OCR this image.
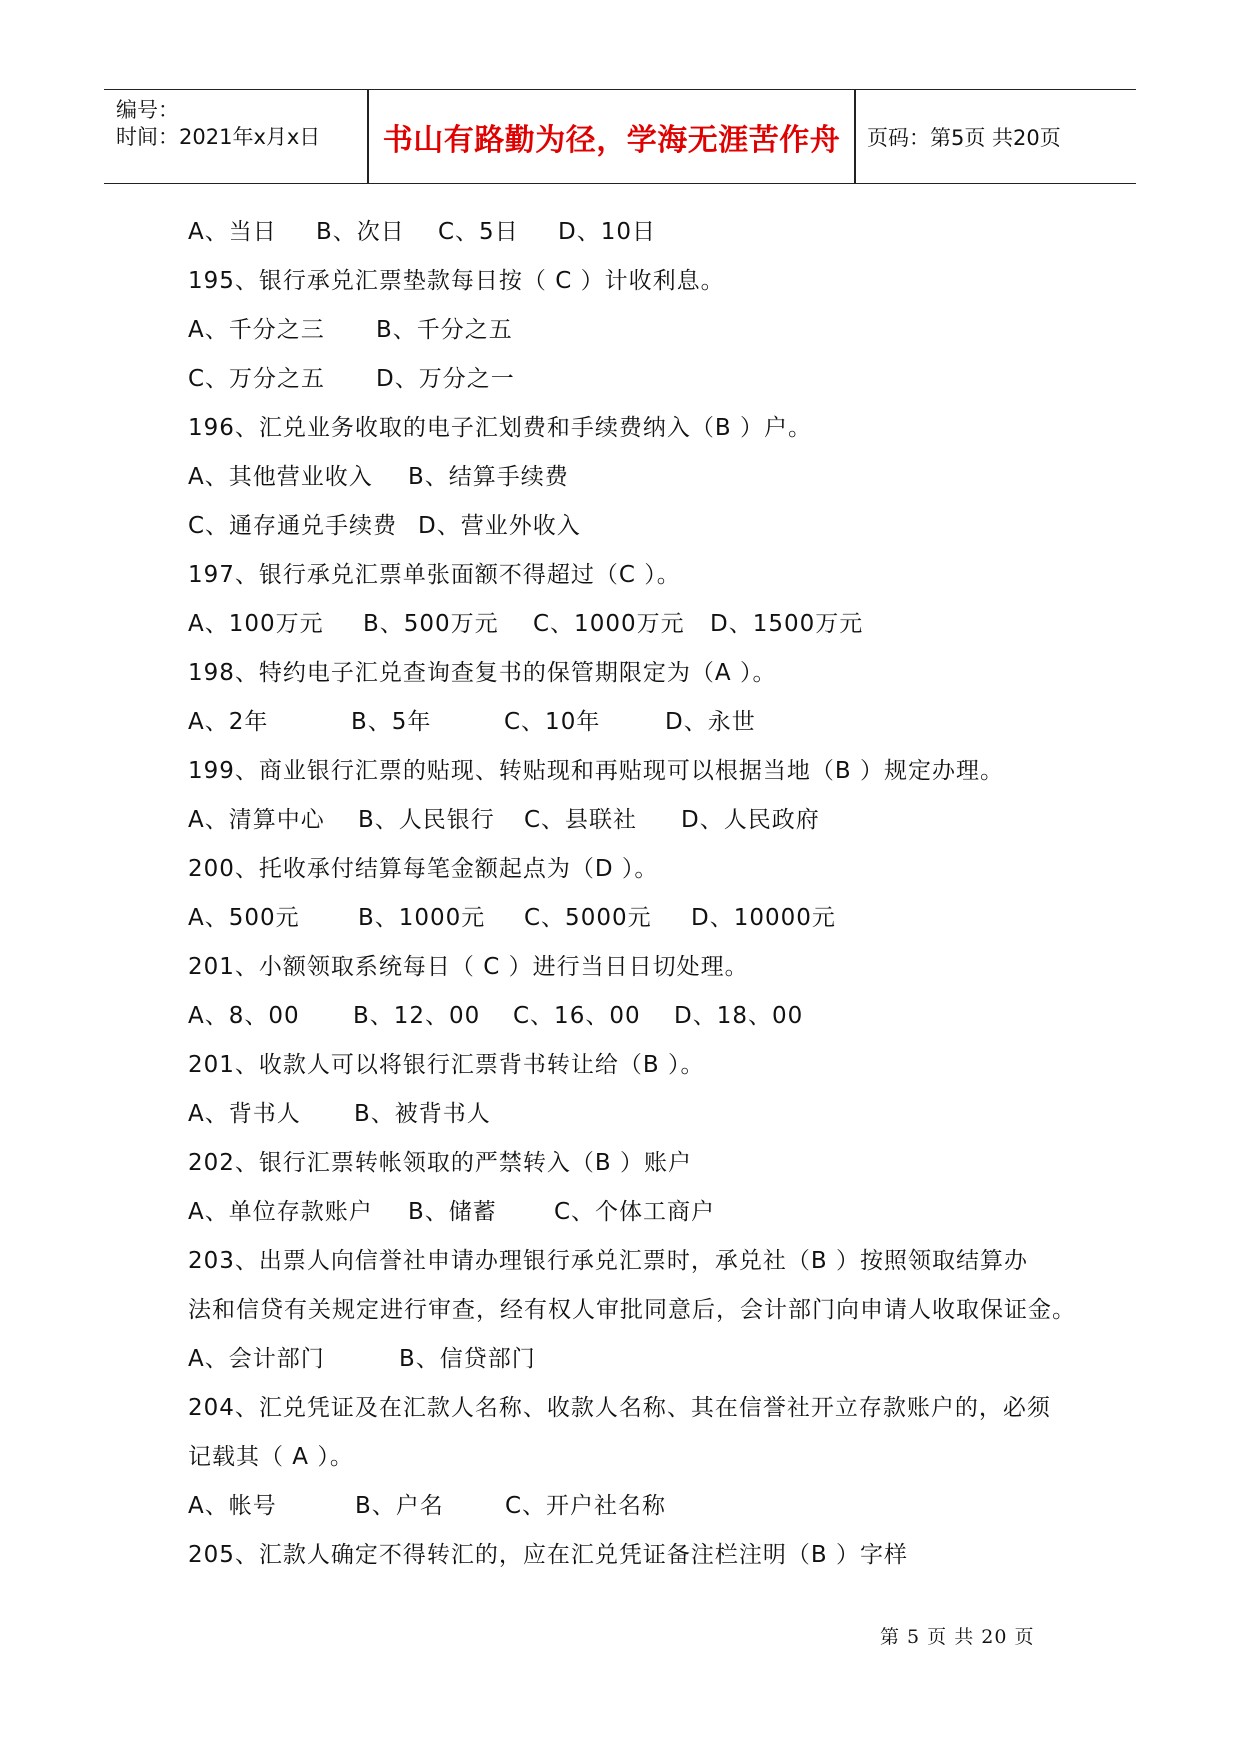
编号：
时间：2021年x月x日	书山有路勤为径，学海无涯苦作舟	页码：第5页 共20页
A、当日 B、次日 C、5日 D、10日
195、银行承兑汇票垫款每日按（ C ）计收利息。
A、千分之三 B、千分之五
C、万分之五 D、万分之一
196、汇兑业务收取的电子汇划费和手续费纳入（B ）户。
A、其他营业收入 B、结算手续费
C、通存通兑手续费 D、营业外收入
197、银行承兑汇票单张面额不得超过（C ）。
A、100万元 B、500万元 C、1000万元 D、1500万元
198、特约电子汇兑查询查复书的保管期限定为（A ）。
A、2年	B、5年	C、10年	D、永世
199、商业银行汇票的贴现、转贴现和再贴现可以根据当地（B ）规定办理。
A、清算中心 B、人民银行 C、县联社 D、人民政府
200、托收承付结算每笔金额起点为（D ）。
A、500元	B、1000元 C、5000元 D、10000元
201、小额领取系统每日（ C ）进行当日日切处理。
A、8、00 B、12、00 C、16、00 D、18、00
201、收款人可以将银行汇票背书转让给（B ）。
A、背书人 B、被背书人
202、银行汇票转帐领取的严禁转入（B ）账户
A、单位存款账户 B、储蓄 C、个体工商户
203、出票人向信誉社申请办理银行承兑汇票时，承兑社（B ）按照领取结算办
法和信贷有关规定进行审查，经有权人审批同意后，会计部门向申请人收取保证金。
A、会计部门	B、信贷部门
204、汇兑凭证及在汇款人名称、收款人名称、其在信誉社开立存款账户的，必须
记载其（ A ）。
A、帐号	B、户名	C、开户社名称
205、汇款人确定不得转汇的，应在汇兑凭证备注栏注明（B ）字样
第 5 页 共 20 页
